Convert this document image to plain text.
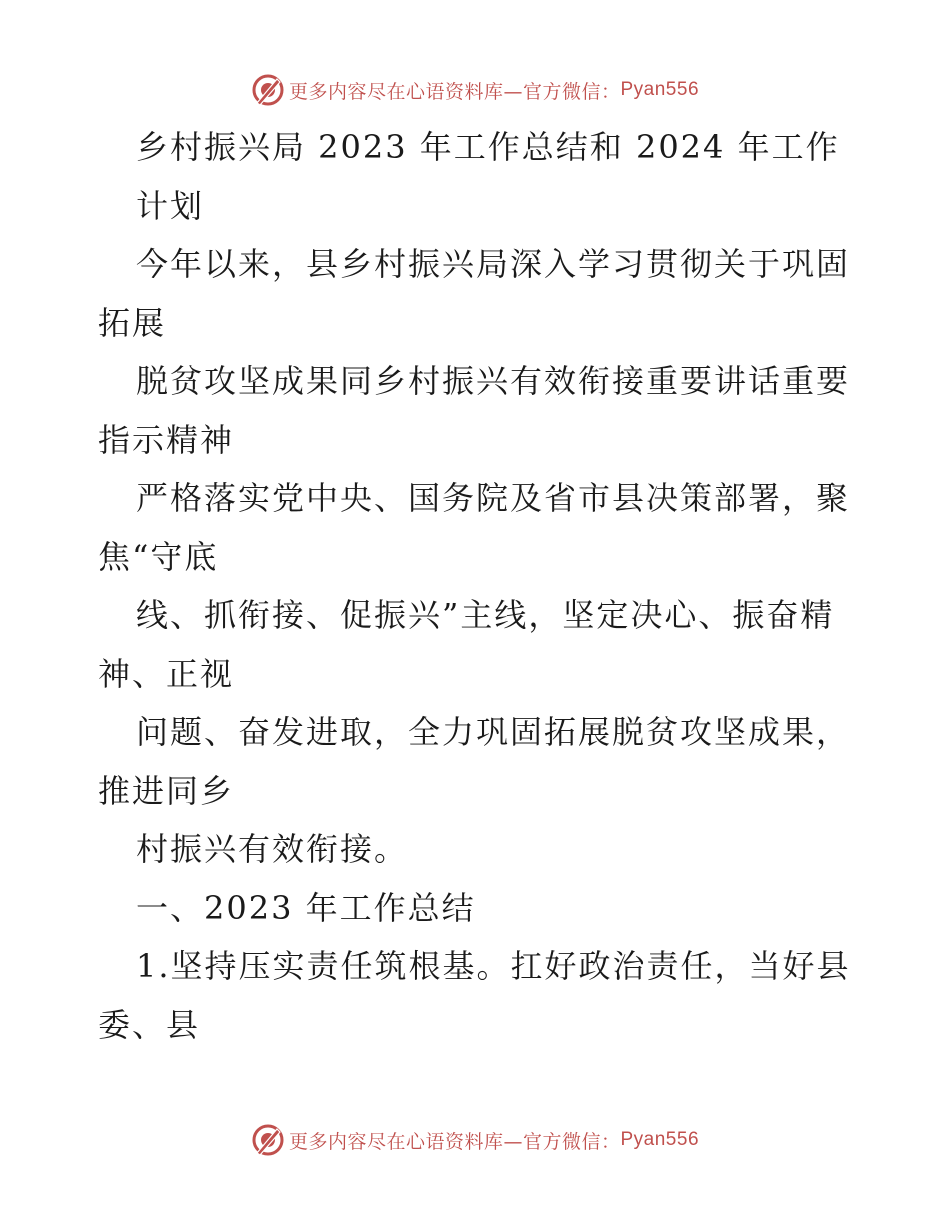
更多内容尽在心语资料库—官方微信： Pyan556
乡村振兴局 2023 年工作总结和 2024 年工作
计划
今年以来，县乡村振兴局深入学习贯彻关于巩固
拓展
脱贫攻坚成果同乡村振兴有效衔接重要讲话重要
指示精神
严格落实党中央、国务院及省市县决策部署，聚
焦“守底
线、抓衔接、促振兴”主线，坚定决心、振奋精
神、正视
问题、奋发进取，全力巩固拓展脱贫攻坚成果，
推进同乡
村振兴有效衔接。
一、2023 年工作总结
1.坚持压实责任筑根基。扛好政治责任，当好县
委、县
更多内容尽在心语资料库—官方微信： Pyan556
